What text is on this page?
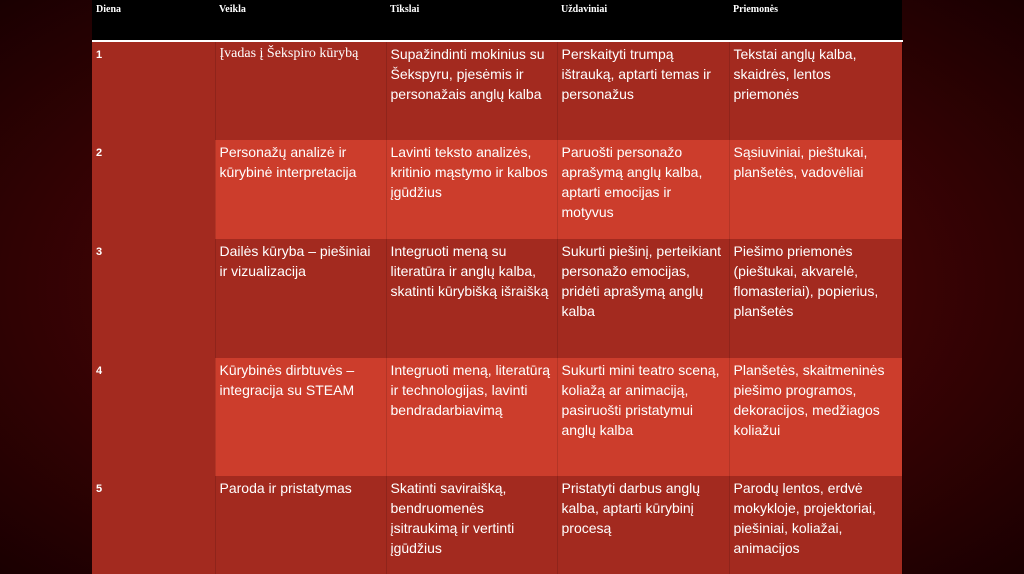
Diena	Veikla	Tikslai	Uždaviniai	Priemonės
1	Įvadas į Šekspiro kūrybą	Supažindinti mokinius su Šekspyru, pjesėmis ir personažais anglų kalba	Perskaityti trumpą ištrauką, aptarti temas ir personažus	Tekstai anglų kalba, skaidrės, lentos priemonės
2	Personažų analizė ir kūrybinė interpretacija	Lavinti teksto analizės, kritinio mąstymo ir kalbos įgūdžius	Paruošti personažo aprašymą anglų kalba, aptarti emocijas ir motyvus	Sąsiuviniai, pieštukai, planšetės, vadovėliai
3	Dailės kūryba – piešiniai ir vizualizacija	Integruoti meną su literatūra ir anglų kalba, skatinti kūrybišką išraišką	Sukurti piešinį, perteikiant personažo emocijas, pridėti aprašymą anglų kalba	Piešimo priemonės (pieštukai, akvarelė, flomasteriai), popierius, planšetės
4	Kūrybinės dirbtuvės – integracija su STEAM	Integruoti meną, literatūrą ir technologijas, lavinti bendradarbiavimą	Sukurti mini teatro sceną, koliažą ar animaciją, pasiruošti pristatymui anglų kalba	Planšetės, skaitmeninės piešimo programos, dekoracijos, medžiagos koliažui
5	Paroda ir pristatymas	Skatinti saviraišką, bendruomenės įsitraukimą ir vertinti įgūdžius	Pristatyti darbus anglų kalba, aptarti kūrybinį procesą	Parodų lentos, erdvė mokykloje, projektoriai, piešiniai, koliažai, animacijos
